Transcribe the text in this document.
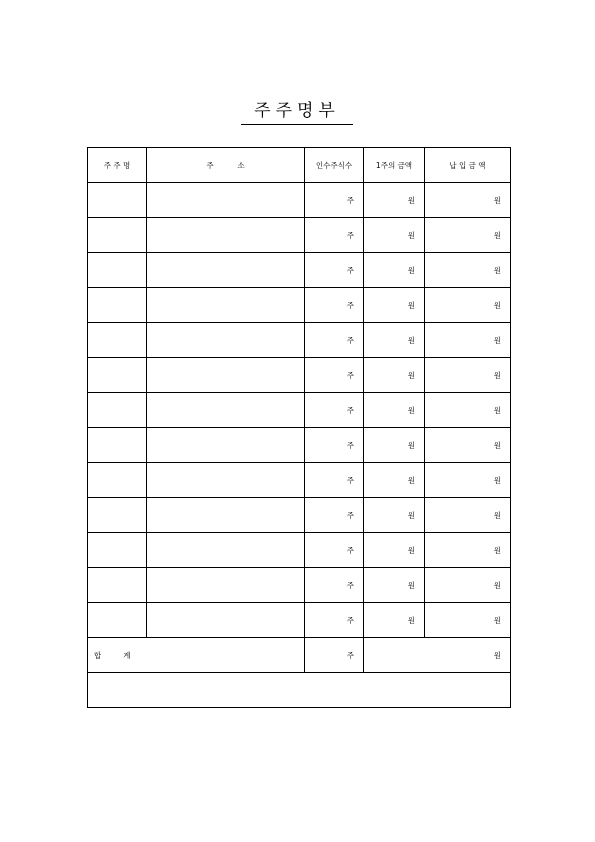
주주명부
주 주 명	주          소	인수주식수	1주의 금액	납 입 금 액
		주	원	원
		주	원	원
		주	원	원
		주	원	원
		주	원	원
		주	원	원
		주	원	원
		주	원	원
		주	원	원
		주	원	원
		주	원	원
		주	원	원
		주	원	원
합 계		주	원	
